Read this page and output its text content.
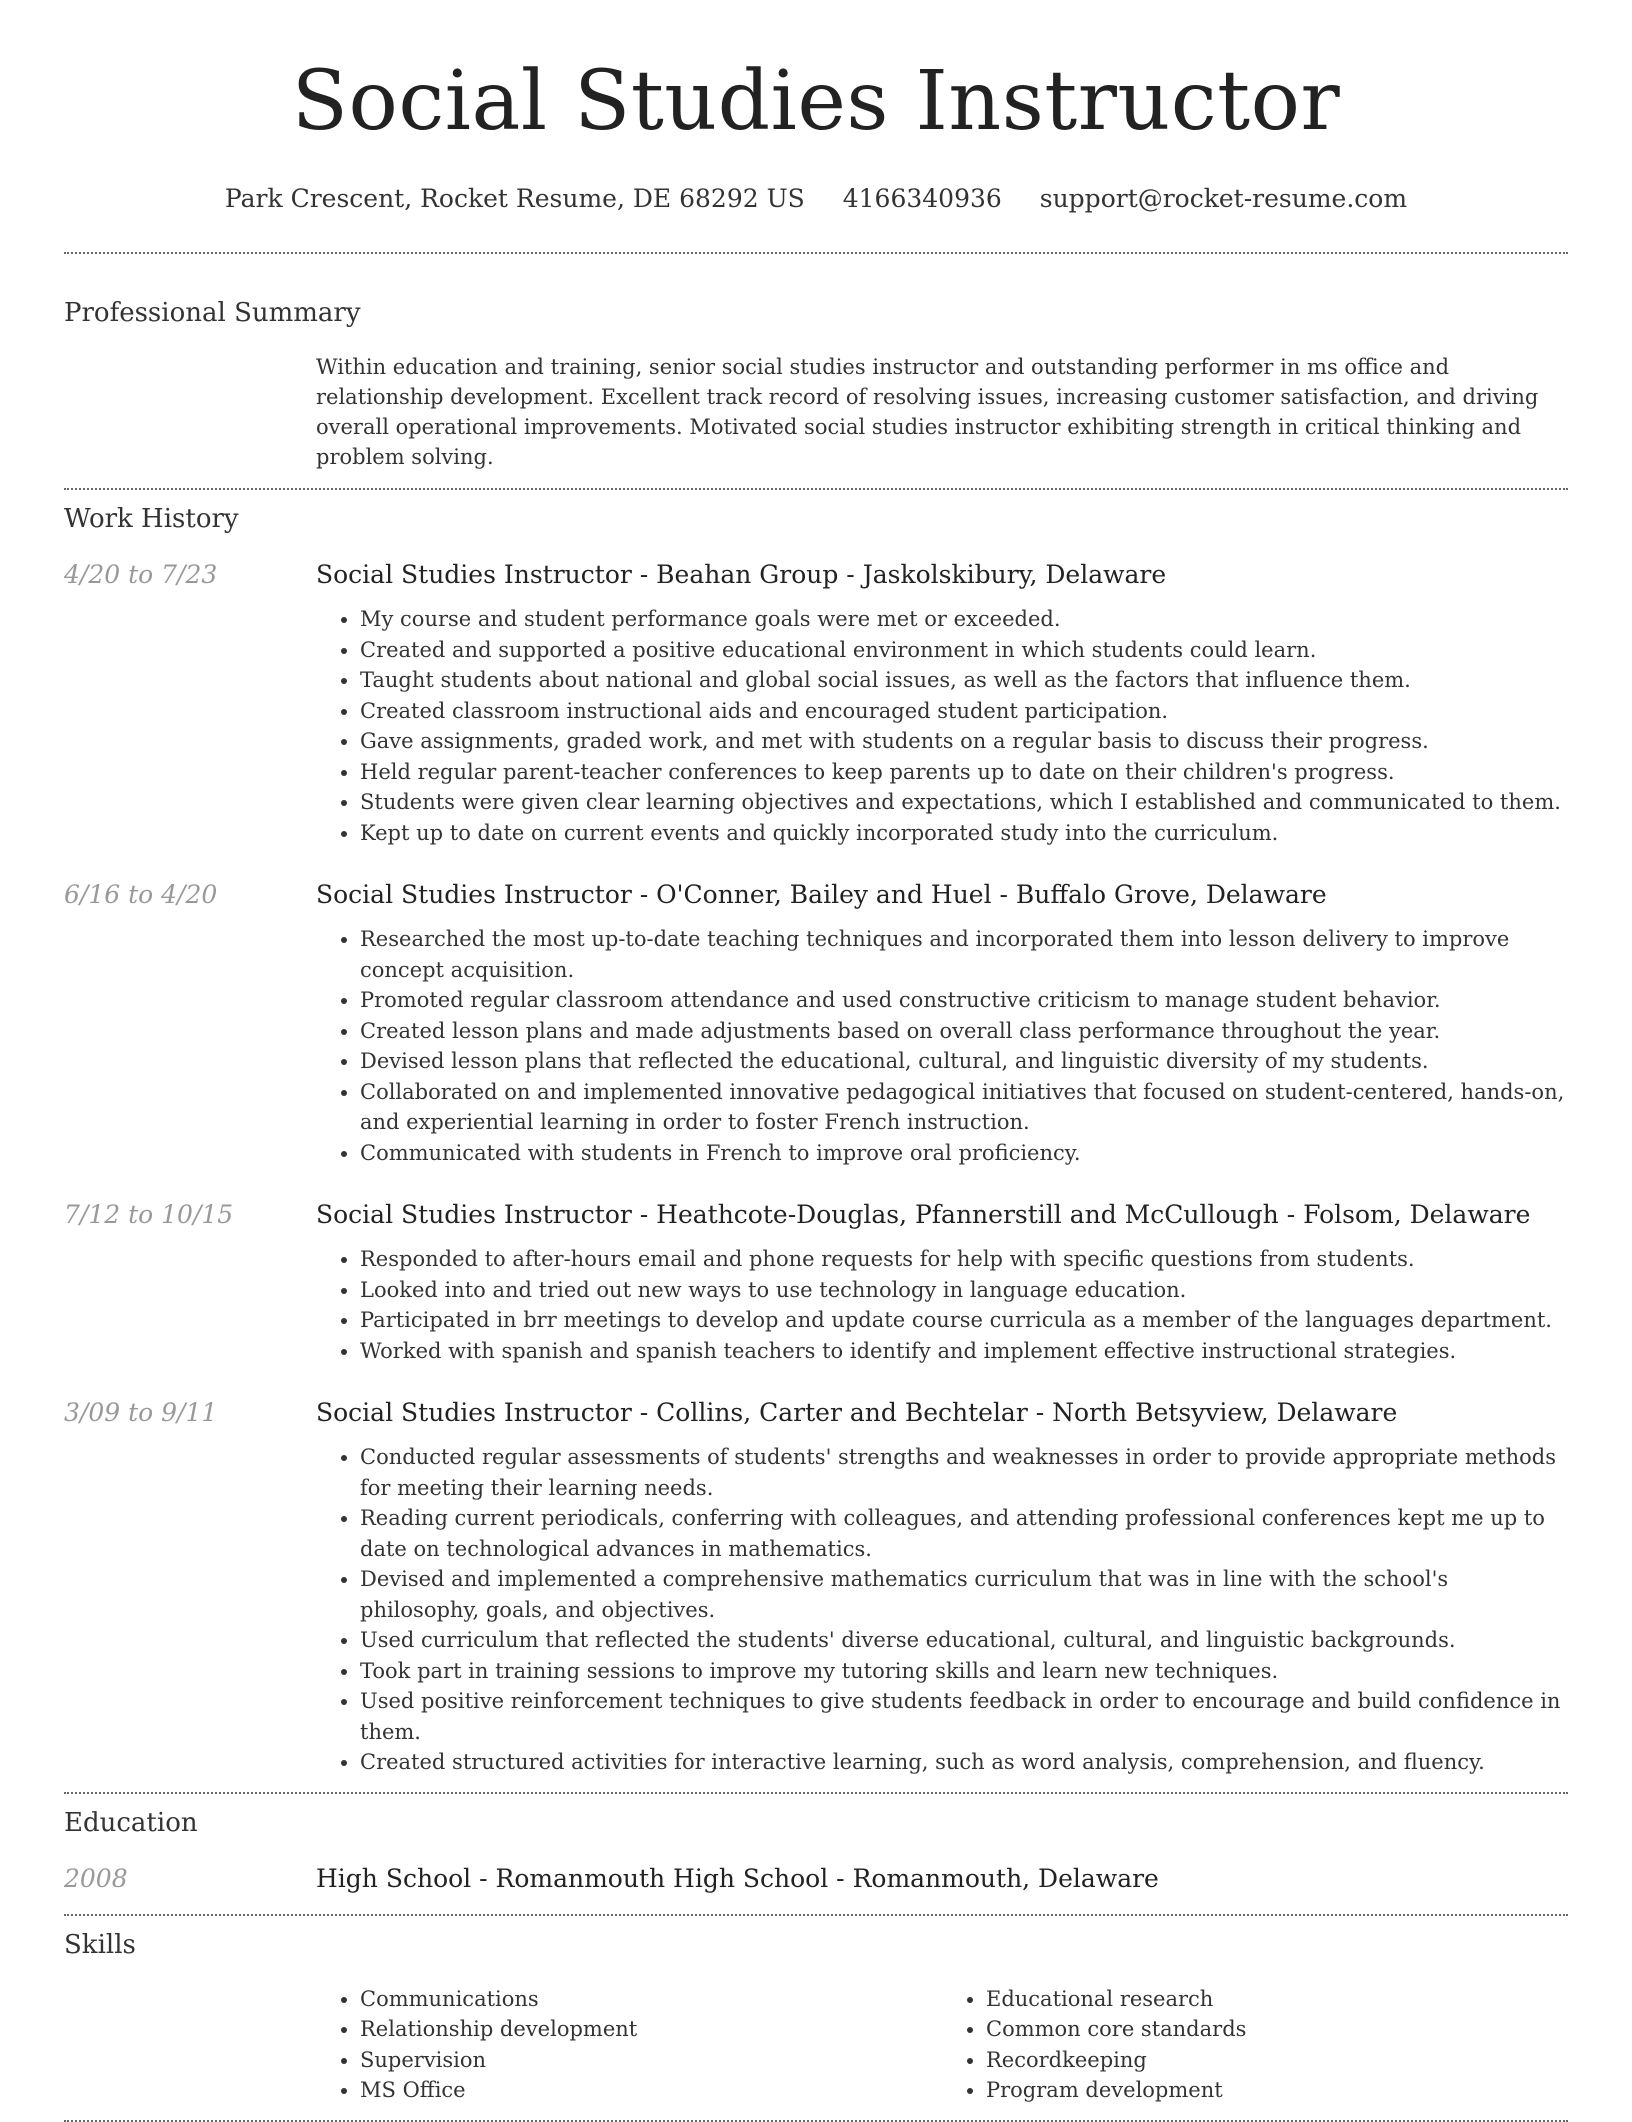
Social Studies Instructor
Park Crescent, Rocket Resume, DE 68292 US 4166340936 support@rocket-resume.com
Professional Summary

Within education and training, senior social studies instructor and outstanding performer in ms office and relationship development. Excellent track record of resolving issues, increasing customer satisfaction, and driving overall operational improvements. Motivated social studies instructor exhibiting strength in critical thinking and problem solving.

Work History
4/20 to 7/23	Social Studies Instructor - Beahan Group - Jaskolskibury, Delaware
• My course and student performance goals were met or exceeded.
• Created and supported a positive educational environment in which students could learn.
• Taught students about national and global social issues, as well as the factors that influence them.
• Created classroom instructional aids and encouraged student participation.
• Gave assignments, graded work, and met with students on a regular basis to discuss their progress.
• Held regular parent-teacher conferences to keep parents up to date on their children's progress.
• Students were given clear learning objectives and expectations, which I established and communicated to them.
• Kept up to date on current events and quickly incorporated study into the curriculum.
6/16 to 4/20	Social Studies Instructor - O'Conner, Bailey and Huel - Buffalo Grove, Delaware
• Researched the most up-to-date teaching techniques and incorporated them into lesson delivery to improve concept acquisition.
• Promoted regular classroom attendance and used constructive criticism to manage student behavior.
• Created lesson plans and made adjustments based on overall class performance throughout the year.
• Devised lesson plans that reflected the educational, cultural, and linguistic diversity of my students.
• Collaborated on and implemented innovative pedagogical initiatives that focused on student-centered, hands-on, and experiential learning in order to foster French instruction.
• Communicated with students in French to improve oral proficiency.
7/12 to 10/15	Social Studies Instructor - Heathcote-Douglas, Pfannerstill and McCullough - Folsom, Delaware
• Responded to after-hours email and phone requests for help with specific questions from students.
• Looked into and tried out new ways to use technology in language education.
• Participated in brr meetings to develop and update course curricula as a member of the languages department.
• Worked with spanish and spanish teachers to identify and implement effective instructional strategies.
3/09 to 9/11	Social Studies Instructor - Collins, Carter and Bechtelar - North Betsyview, Delaware
• Conducted regular assessments of students' strengths and weaknesses in order to provide appropriate methods for meeting their learning needs.
• Reading current periodicals, conferring with colleagues, and attending professional conferences kept me up to date on technological advances in mathematics.
• Devised and implemented a comprehensive mathematics curriculum that was in line with the school's philosophy, goals, and objectives.
• Used curriculum that reflected the students' diverse educational, cultural, and linguistic backgrounds.
• Took part in training sessions to improve my tutoring skills and learn new techniques.
• Used positive reinforcement techniques to give students feedback in order to encourage and build confidence in them.
• Created structured activities for interactive learning, such as word analysis, comprehension, and fluency.
Education
2008	High School - Romanmouth High School - Romanmouth, Delaware
Skills
• Communications
• Relationship development
• Supervision
• MS Office
• Educational research
• Common core standards
• Recordkeeping
• Program development
